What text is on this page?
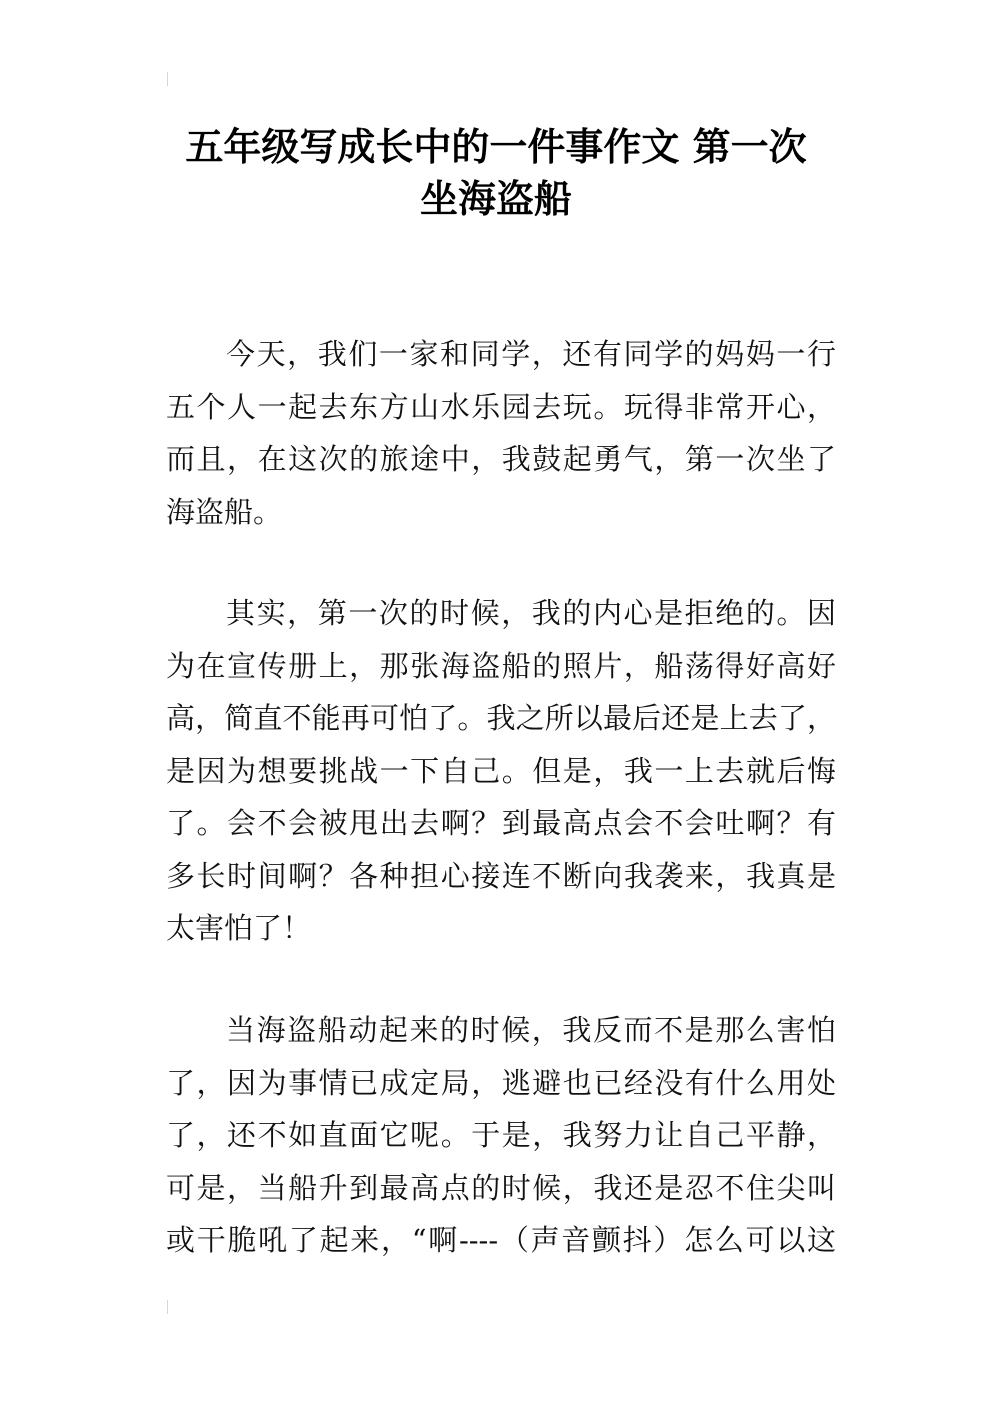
五年级写成长中的一件事作文 第一次
坐海盗船
今天，我们一家和同学，还有同学的妈妈一行
五个人一起去东方山水乐园去玩。玩得非常开心，
而且，在这次的旅途中，我鼓起勇气，第一次坐了
海盗船。
其实，第一次的时候，我的内心是拒绝的。因
为在宣传册上，那张海盗船的照片，船荡得好高好
高，简直不能再可怕了。我之所以最后还是上去了，
是因为想要挑战一下自己。但是，我一上去就后悔
了。会不会被甩出去啊？到最高点会不会吐啊？有
多长时间啊？各种担心接连不断向我袭来，我真是
太害怕了！
当海盗船动起来的时候，我反而不是那么害怕
了，因为事情已成定局，逃避也已经没有什么用处
了，还不如直面它呢。于是，我努力让自己平静，
可是，当船升到最高点的时候，我还是忍不住尖叫
或干脆吼了起来，“啊----（声音颤抖）怎么可以这
